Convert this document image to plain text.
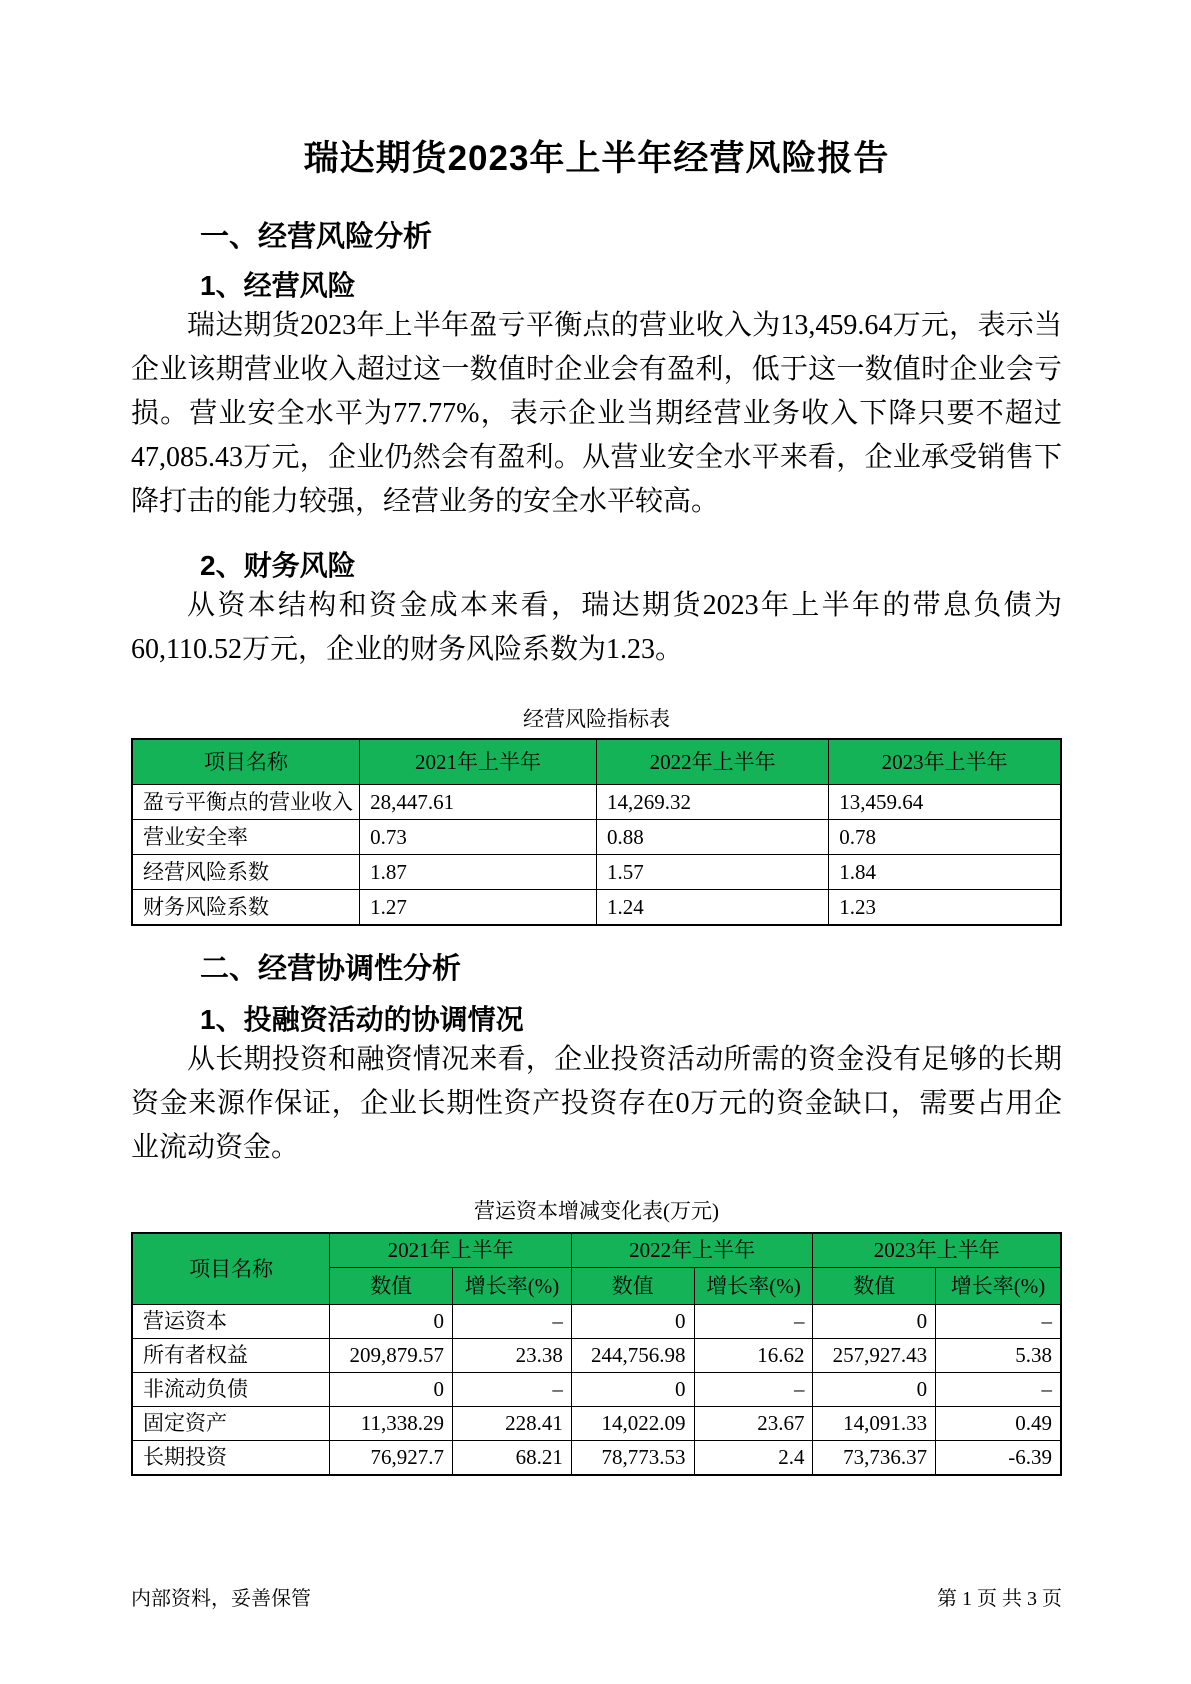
瑞达期货2023年上半年经营风险报告
一、经营风险分析
1、经营风险

瑞达期货2023年上半年盈亏平衡点的营业收入为13,459.64万元，表示当企业该期营业收入超过这一数值时企业会有盈利，低于这一数值时企业会亏损。营业安全水平为77.77%，表示企业当期经营业务收入下降只要不超过47,085.43万元，企业仍然会有盈利。从营业安全水平来看，企业承受销售下降打击的能力较强，经营业务的安全水平较高。

2、财务风险

从资本结构和资金成本来看，瑞达期货2023年上半年的带息负债为60,110.52万元，企业的财务风险系数为1.23。

经营风险指标表
项目名称	2021年上半年	2022年上半年	2023年上半年
盈亏平衡点的营业收入	28,447.61	14,269.32	13,459.64
营业安全率	0.73	0.88	0.78
经营风险系数	1.87	1.57	1.84
财务风险系数	1.27	1.24	1.23
二、经营协调性分析
1、投融资活动的协调情况

从长期投资和融资情况来看，企业投资活动所需的资金没有足够的长期资金来源作保证，企业长期性资产投资存在0万元的资金缺口，需要占用企业流动资金。

营运资本增减变化表(万元)
项目名称	2021年上半年		2022年上半年		2023年上半年	
	数值	增长率(%)	数值	增长率(%)	数值	增长率(%)
营运资本	0	–	0	–	0	–
所有者权益	209,879.57	23.38	244,756.98	16.62	257,927.43	5.38
非流动负债	0	–	0	–	0	–
固定资产	11,338.29	228.41	14,022.09	23.67	14,091.33	0.49
长期投资	76,927.7	68.21	78,773.53	2.4	73,736.37	-6.39
内部资料，妥善保管	第 1 页 共 3 页
